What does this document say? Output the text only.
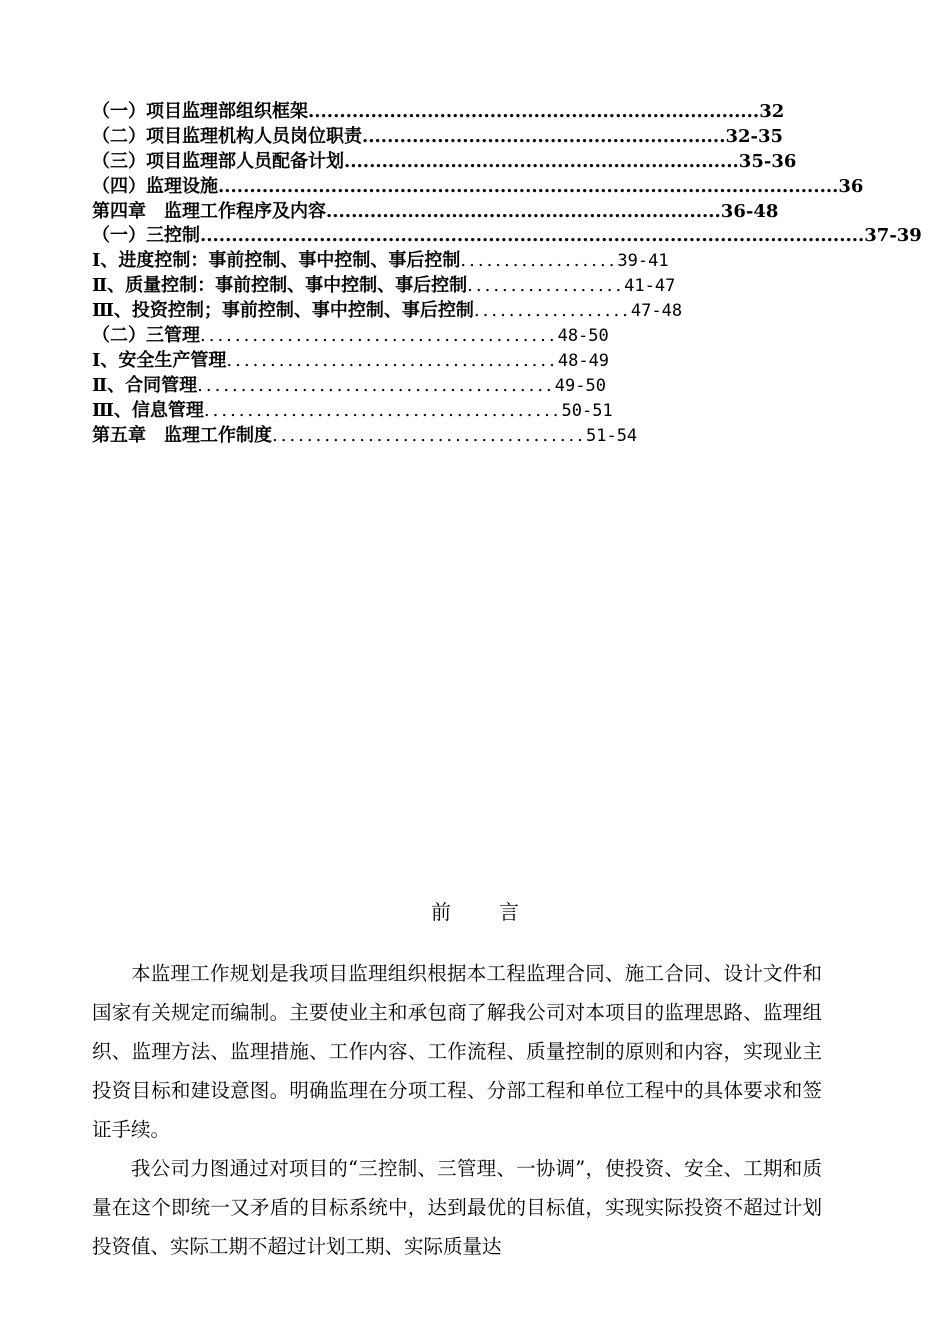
（一）项目监理部组织框架........................................................................32
（二）项目监理机构人员岗位职责..........................................................32-35
（三）项目监理部人员配备计划...............................................................35-36
（四）监理设施...................................................................................................36
第四章　监理工作程序及内容...............................................................36-48
（一）三控制..........................................................................................................37-39
Ⅰ、进度控制：事前控制、事中控制、事后控制..................39-41
Ⅱ、质量控制：事前控制、事中控制、事后控制..................41-47
Ⅲ、投资控制；事前控制、事中控制、事后控制..................47-48
（二）三管理.........................................48-50
Ⅰ、安全生产管理......................................48-49
Ⅱ、合同管理.........................................49-50
Ⅲ、信息管理.........................................50-51
第五章　监理工作制度....................................51-54
前言

本监理工作规划是我项目监理组织根据本工程监理合同、施工合同、设计文件和国家有关规定而编制。主要使业主和承包商了解我公司对本项目的监理思路、监理组织、监理方法、监理措施、工作内容、工作流程、质量控制的原则和内容，实现业主投资目标和建设意图。明确监理在分项工程、分部工程和单位工程中的具体要求和签证手续。

我公司力图通过对项目的“三控制、三管理、一协调”，使投资、安全、工期和质量在这个即统一又矛盾的目标系统中，达到最优的目标值，实现实际投资不超过计划投资值、实际工期不超过计划工期、实际质量达
